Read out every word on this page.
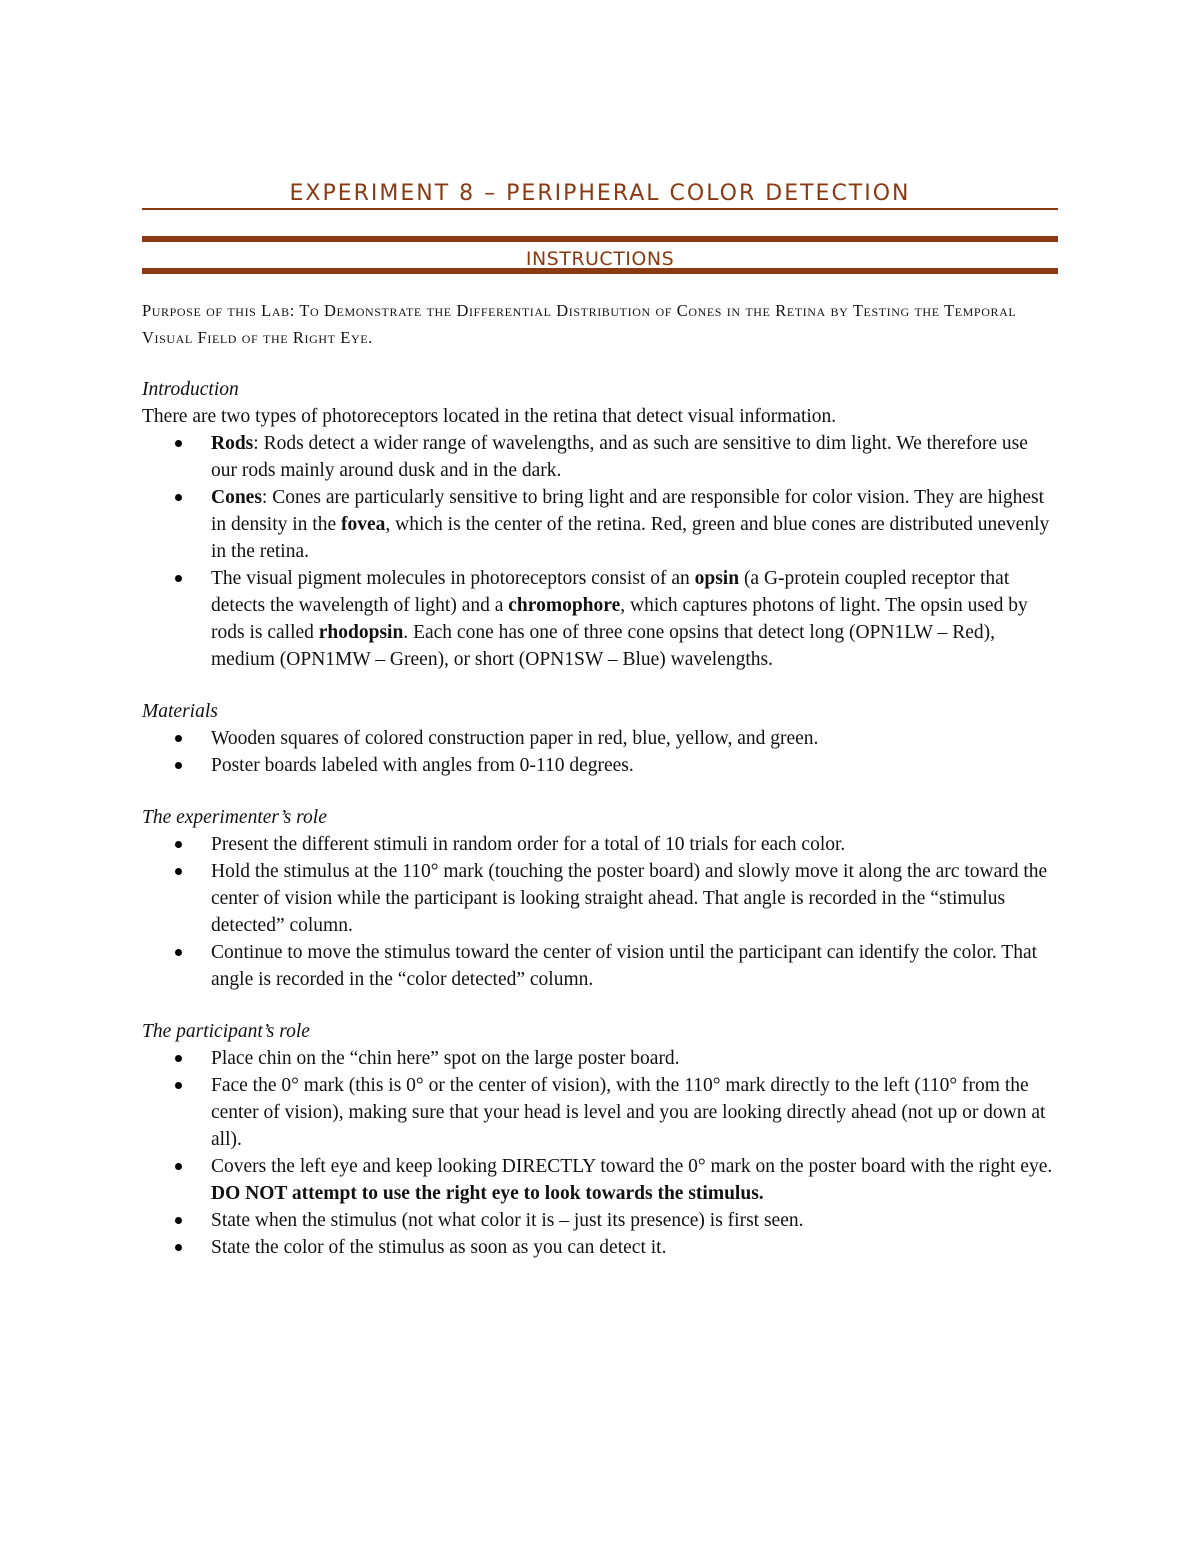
EXPERIMENT 8 – PERIPHERAL COLOR DETECTION
INSTRUCTIONS

Purpose of this Lab: To Demonstrate the Differential Distribution of Cones in the Retina by Testing the Temporal Visual Field of the Right Eye.

Introduction

There are two types of photoreceptors located in the retina that detect visual information.

Rods: Rods detect a wider range of wavelengths, and as such are sensitive to dim light. We therefore use our rods mainly around dusk and in the dark.
Cones: Cones are particularly sensitive to bring light and are responsible for color vision. They are highest in density in the fovea, which is the center of the retina. Red, green and blue cones are distributed unevenly in the retina.
The visual pigment molecules in photoreceptors consist of an opsin (a G-protein coupled receptor that detects the wavelength of light) and a chromophore, which captures photons of light. The opsin used by rods is called rhodopsin. Each cone has one of three cone opsins that detect long (OPN1LW – Red), medium (OPN1MW – Green), or short (OPN1SW – Blue) wavelengths.

Materials

Wooden squares of colored construction paper in red, blue, yellow, and green.
Poster boards labeled with angles from 0-110 degrees.

The experimenter’s role

Present the different stimuli in random order for a total of 10 trials for each color.
Hold the stimulus at the 110° mark (touching the poster board) and slowly move it along the arc toward the center of vision while the participant is looking straight ahead. That angle is recorded in the “stimulus detected” column.
Continue to move the stimulus toward the center of vision until the participant can identify the color. That angle is recorded in the “color detected” column.

The participant’s role

Place chin on the “chin here” spot on the large poster board.
Face the 0° mark (this is 0° or the center of vision), with the 110° mark directly to the left (110° from the center of vision), making sure that your head is level and you are looking directly ahead (not up or down at all).
Covers the left eye and keep looking DIRECTLY toward the 0° mark on the poster board with the right eye. DO NOT attempt to use the right eye to look towards the stimulus.
State when the stimulus (not what color it is – just its presence) is first seen.
State the color of the stimulus as soon as you can detect it.
